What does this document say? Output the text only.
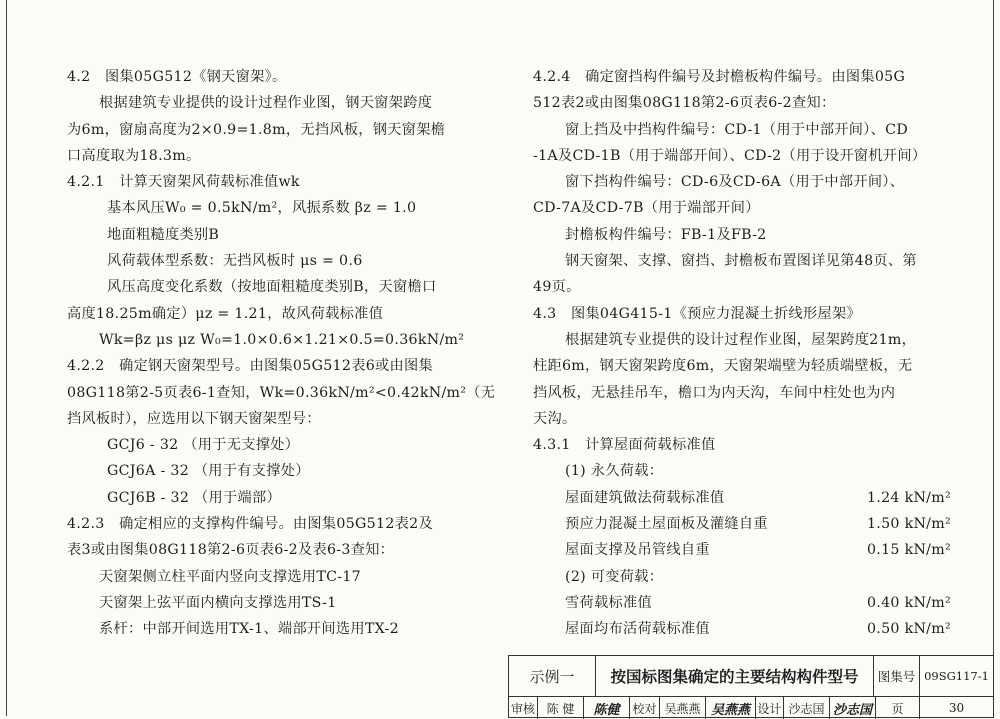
4.2　图集05G512《钢天窗架》。
根据建筑专业提供的设计过程作业图，钢天窗架跨度
为6m，窗扇高度为2×0.9=1.8m，无挡风板，钢天窗架檐
口高度取为18.3m。
4.2.1　计算天窗架风荷载标准值wk
基本风压W₀ = 0.5kN/m²，风振系数 βz = 1.0
地面粗糙度类别B
风荷载体型系数：无挡风板时 μs = 0.6
风压高度变化系数（按地面粗糙度类别B，天窗檐口
高度18.25m确定）μz = 1.21，故风荷载标准值
Wk=βz μs μz W₀=1.0×0.6×1.21×0.5=0.36kN/m²
4.2.2　确定钢天窗架型号。由图集05G512表6或由图集
08G118第2-5页表6-1查知，Wk=0.36kN/m²<0.42kN/m²（无
挡风板时），应选用以下钢天窗架型号：
GCJ6 - 32 （用于无支撑处）
GCJ6A - 32 （用于有支撑处）
GCJ6B - 32 （用于端部）
4.2.3　确定相应的支撑构件编号。由图集05G512表2及
表3或由图集08G118第2-6页表6-2及表6-3查知：
天窗架侧立柱平面内竖向支撑选用TC-17
天窗架上弦平面内横向支撑选用TS-1
系杆：中部开间选用TX-1、端部开间选用TX-2
4.2.4　确定窗挡构件编号及封檐板构件编号。由图集05G
512表2或由图集08G118第2-6页表6-2查知：
窗上挡及中挡构件编号：CD-1（用于中部开间）、CD
-1A及CD-1B（用于端部开间）、CD-2（用于设开窗机开间）
窗下挡构件编号：CD-6及CD-6A（用于中部开间）、
CD-7A及CD-7B（用于端部开间）
封檐板构件编号：FB-1及FB-2
钢天窗架、支撑、窗挡、封檐板布置图详见第48页、第
49页。
4.3　图集04G415-1《预应力混凝土折线形屋架》
根据建筑专业提供的设计过程作业图，屋架跨度21m，
柱距6m，钢天窗架跨度6m，天窗架端壁为轻质端壁板，无
挡风板，无悬挂吊车，檐口为内天沟，车间中柱处也为内
天沟。
4.3.1　计算屋面荷载标准值
(1) 永久荷载：
屋面建筑做法荷载标准值	1.24 kN/m²
预应力混凝土屋面板及灌缝自重	1.50 kN/m²
屋面支撑及吊管线自重	0.15 kN/m²
(2) 可变荷载：
雪荷载标准值	0.40 kN/m²
屋面均布活荷载标准值	0.50 kN/m²
示例一	按国标图集确定的主要结构构件型号	图集号 09SG117-1
审核 陈 健	陈健	校对 吴燕燕 吴燕燕 设计 沙志国 沙志国	页	30
